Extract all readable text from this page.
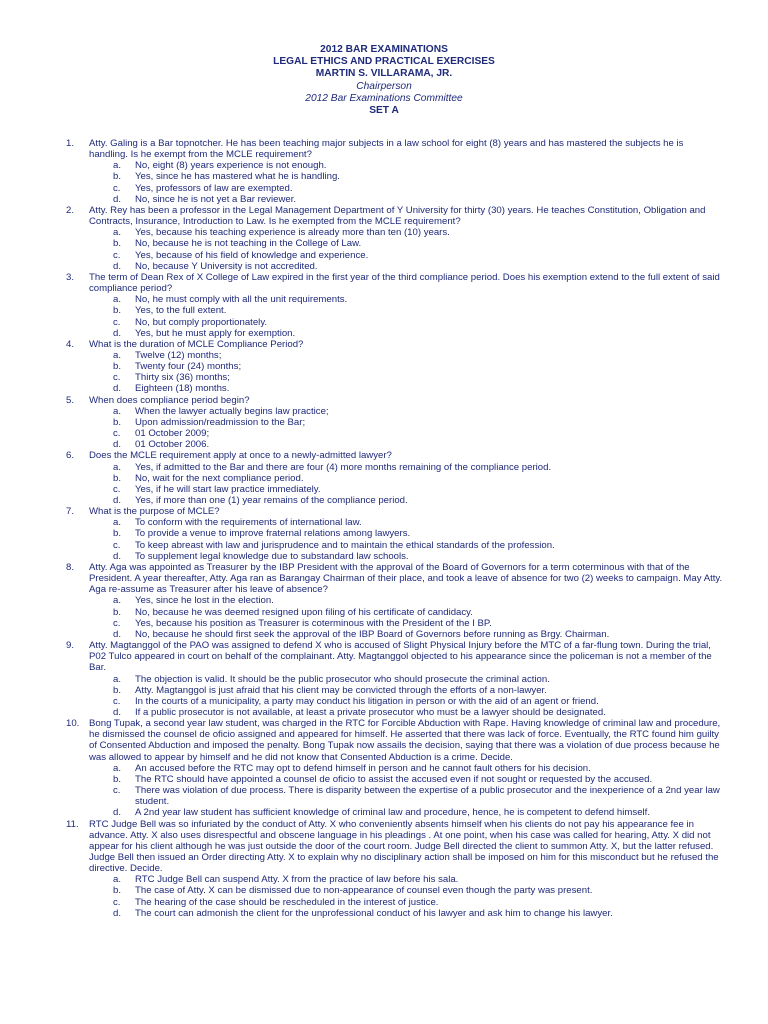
2012 BAR EXAMINATIONS
LEGAL ETHICS AND PRACTICAL EXERCISES
MARTIN S. VILLARAMA, JR.
Chairperson
2012 Bar Examinations Committee
SET A
1.	Atty. Galing is a Bar topnotcher. He has been teaching major subjects in a law school for eight (8) years and has mastered the subjects he is handling. Is he exempt from the MCLE requirement?
a. No, eight (8) years experience is not enough.
b. Yes, since he has mastered what he is handling.
c. Yes, professors of law are exempted.
d. No, since he is not yet a Bar reviewer.
2.	Atty. Rey has been a professor in the Legal Management Department of Y University for thirty (30) years. He teaches Constitution, Obligation and Contracts, Insurance, Introduction to Law. Is he exempted from the MCLE requirement?
a. Yes, because his teaching experience is already more than ten (10) years.
b. No, because he is not teaching in the College of Law.
c. Yes, because of his field of knowledge and experience.
d. No, because Y University is not accredited.
3.	The term of Dean Rex of X College of Law expired in the first year of the third compliance period. Does his exemption extend to the full extent of said compliance period?
a. No, he must comply with all the unit requirements.
b. Yes, to the full extent.
c. No, but comply proportionately.
d. Yes, but he must apply for exemption.
4.	What is the duration of MCLE Compliance Period?
a. Twelve (12) months;
b. Twenty four (24) months;
c. Thirty six (36) months;
d. Eighteen (18) months.
5.	When does compliance period begin?
a. When the lawyer actually begins law practice;
b. Upon admission/readmission to the Bar;
c. 01 October 2009;
d. 01 October 2006.
6.	Does the MCLE requirement apply at once to a newly-admitted lawyer?
a. Yes, if admitted to the Bar and there are four (4) more months remaining of the compliance period.
b. No, wait for the next compliance period.
c. Yes, if he will start law practice immediately.
d. Yes, if more than one (1) year remains of the compliance period.
7.	What is the purpose of MCLE?
a. To conform with the requirements of international law.
b. To provide a venue to improve fraternal relations among lawyers.
c. To keep abreast with law and jurisprudence and to maintain the ethical standards of the profession.
d. To supplement legal knowledge due to substandard law schools.
8.	Atty. Aga was appointed as Treasurer by the IBP President with the approval of the Board of Governors for a term coterminous with that of the President. A year thereafter, Atty. Aga ran as Barangay Chairman of their place, and took a leave of absence for two (2) weeks to campaign. May Atty. Aga re-assume as Treasurer after his leave of absence?
a. Yes, since he lost in the election.
b. No, because he was deemed resigned upon filing of his certificate of candidacy.
c. Yes, because his position as Treasurer is coterminous with the President of the I BP.
d. No, because he should first seek the approval of the IBP Board of Governors before running as Brgy. Chairman.
9.	Atty. Magtanggol of the PAO was assigned to defend X who is accused of Slight Physical Injury before the MTC of a far-flung town. During the trial, P02 Tulco appeared in court on behalf of the complainant. Atty. Magtanggol objected to his appearance since the policeman is not a member of the Bar.
a. The objection is valid. It should be the public prosecutor who should prosecute the criminal action.
b. Atty. Magtanggol is just afraid that his client may be convicted through the efforts of a non-lawyer.
c. In the courts of a municipality, a party may conduct his litigation in person or with the aid of an agent or friend.
d. If a public prosecutor is not available, at least a private prosecutor who must be a lawyer should be designated.
10.	Bong Tupak, a second year law student, was charged in the RTC for Forcible Abduction with Rape. Having knowledge of criminal law and procedure, he dismissed the counsel de oficio assigned and appeared for himself. He asserted that there was lack of force. Eventually, the RTC found him guilty of Consented Abduction and imposed the penalty. Bong Tupak now assails the decision, saying that there was a violation of due process because he was allowed to appear by himself and he did not know that Consented Abduction is a crime. Decide.
a. An accused before the RTC may opt to defend himself in person and he cannot fault others for his decision.
b. The RTC should have appointed a counsel de oficio to assist the accused even if not sought or requested by the accused.
c. There was violation of due process. There is disparity between the expertise of a public prosecutor and the inexperience of a 2nd year law student.
d. A 2nd year law student has sufficient knowledge of criminal law and procedure, hence, he is competent to defend himself.
11.	RTC Judge Bell was so infuriated by the conduct of Atty. X who conveniently absents himself when his clients do not pay his appearance fee in advance. Atty. X also uses disrespectful and obscene language in his pleadings . At one point, when his case was called for hearing, Atty. X did not appear for his client although he was just outside the door of the court room. Judge Bell directed the client to summon Atty. X, but the latter refused. Judge Bell then issued an Order directing Atty. X to explain why no disciplinary action shall be imposed on him for this misconduct but he refused the directive. Decide.
a. RTC Judge Bell can suspend Atty. X from the practice of law before his sala.
b. The case of Atty. X can be dismissed due to non-appearance of counsel even though the party was present.
c. The hearing of the case should be rescheduled in the interest of justice.
d. The court can admonish the client for the unprofessional conduct of his lawyer and ask him to change his lawyer.
